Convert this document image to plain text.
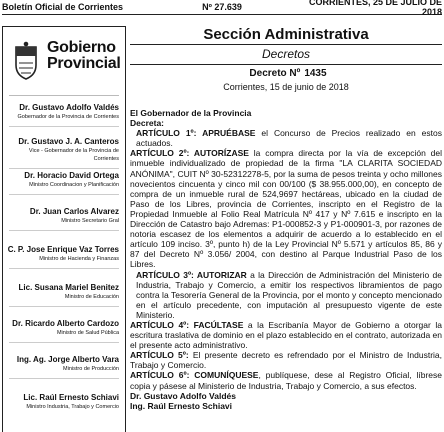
Boletín Oficial de Corrientes	Nº 27.639	CORRIENTES, 25 DE JULIO DE 2018
Gobierno
Provincial
Dr. Gustavo Adolfo Valdés
Gobernador de la Provincia de Corrientes
Dr. Gustavo J. A. Canteros
Vice - Gobernador de la Provincia de Corrientes
Dr. Horacio David Ortega
Ministro Coordinacion y Planificación
Dr. Juan Carlos Alvarez
Ministro Secretario Gral
C. P. Jose Enrique Vaz Torres
Ministro de Hacienda y Finanzas
Lic. Susana Mariel Benitez
Ministro de Educación
Dr. Ricardo Alberto Cardozo
Ministro de Salud Pública
Ing. Ag. Jorge Alberto Vara
Ministro de Producción
Lic. Raúl Ernesto Schiavi
Ministro Industria, Trabajo y Comercio
Sección Administrativa
Decretos
Decreto Nº 1435
Corrientes, 15 de junio de 2018

El Gobernador de la Provincia

Decreta:

ARTÍCULO 1º: APRUÉBASE el Concurso de Precios realizado en estos actuados.

ARTÍCULO 2º: AUTORÍZASE la compra directa por la vía de excepción del inmueble individualizado de propiedad de la firma "LA CLARITA SOCIEDAD ANÓNIMA", CUIT Nº 30-52312278-5, por la suma de pesos treinta y ocho millones novecientos cincuenta y cinco mil con 00/100 ($ 38.955.000,00), en concepto de compra de un inmueble rural de 524,9697 hectáreas, ubicado en la ciudad de Paso de los Libres, provincia de Corrientes, inscripto en el Registro de la Propiedad Inmueble al Folio Real Matrícula Nº 417 y Nº 7.615 e inscripto en la Dirección de Catastro bajo Adremas: P1-000852-3 y P1-000901-3, por razones de notoria escasez de los elementos a adquirir de acuerdo a lo establecido en el artículo 109 inciso. 3º, punto h) de la Ley Provincial Nº 5.571 y artículos 85, 86 y 87 del Decreto Nº 3.056/ 2004, con destino al Parque Industrial Paso de los Libres.

ARTÍCULO 3º: AUTORIZAR a la Dirección de Administración del Ministerio de Industria, Trabajo y Comercio, a emitir los respectivos libramientos de pago contra la Tesorería General de la Provincia, por el monto y concepto mencionado en el artículo precedente, con imputación al presupuesto vigente de este Ministerio.

ARTÍCULO 4º: FACÚLTASE a la Escribanía Mayor de Gobierno a otorgar la escritura traslativa de dominio en el plazo establecido en el contrato, autorizada en el presente acto administrativo.

ARTÍCULO 5º: El presente decreto es refrendado por el Ministro de Industria, Trabajo y Comercio.

ARTÍCULO 6º: COMUNÍQUESE, publíquese, dese al Registro Oficial, líbrese copia y pásese al Ministerio de Industria, Trabajo y Comercio, a sus efectos.

Dr. Gustavo Adolfo Valdés

Ing. Raúl Ernesto Schiavi
